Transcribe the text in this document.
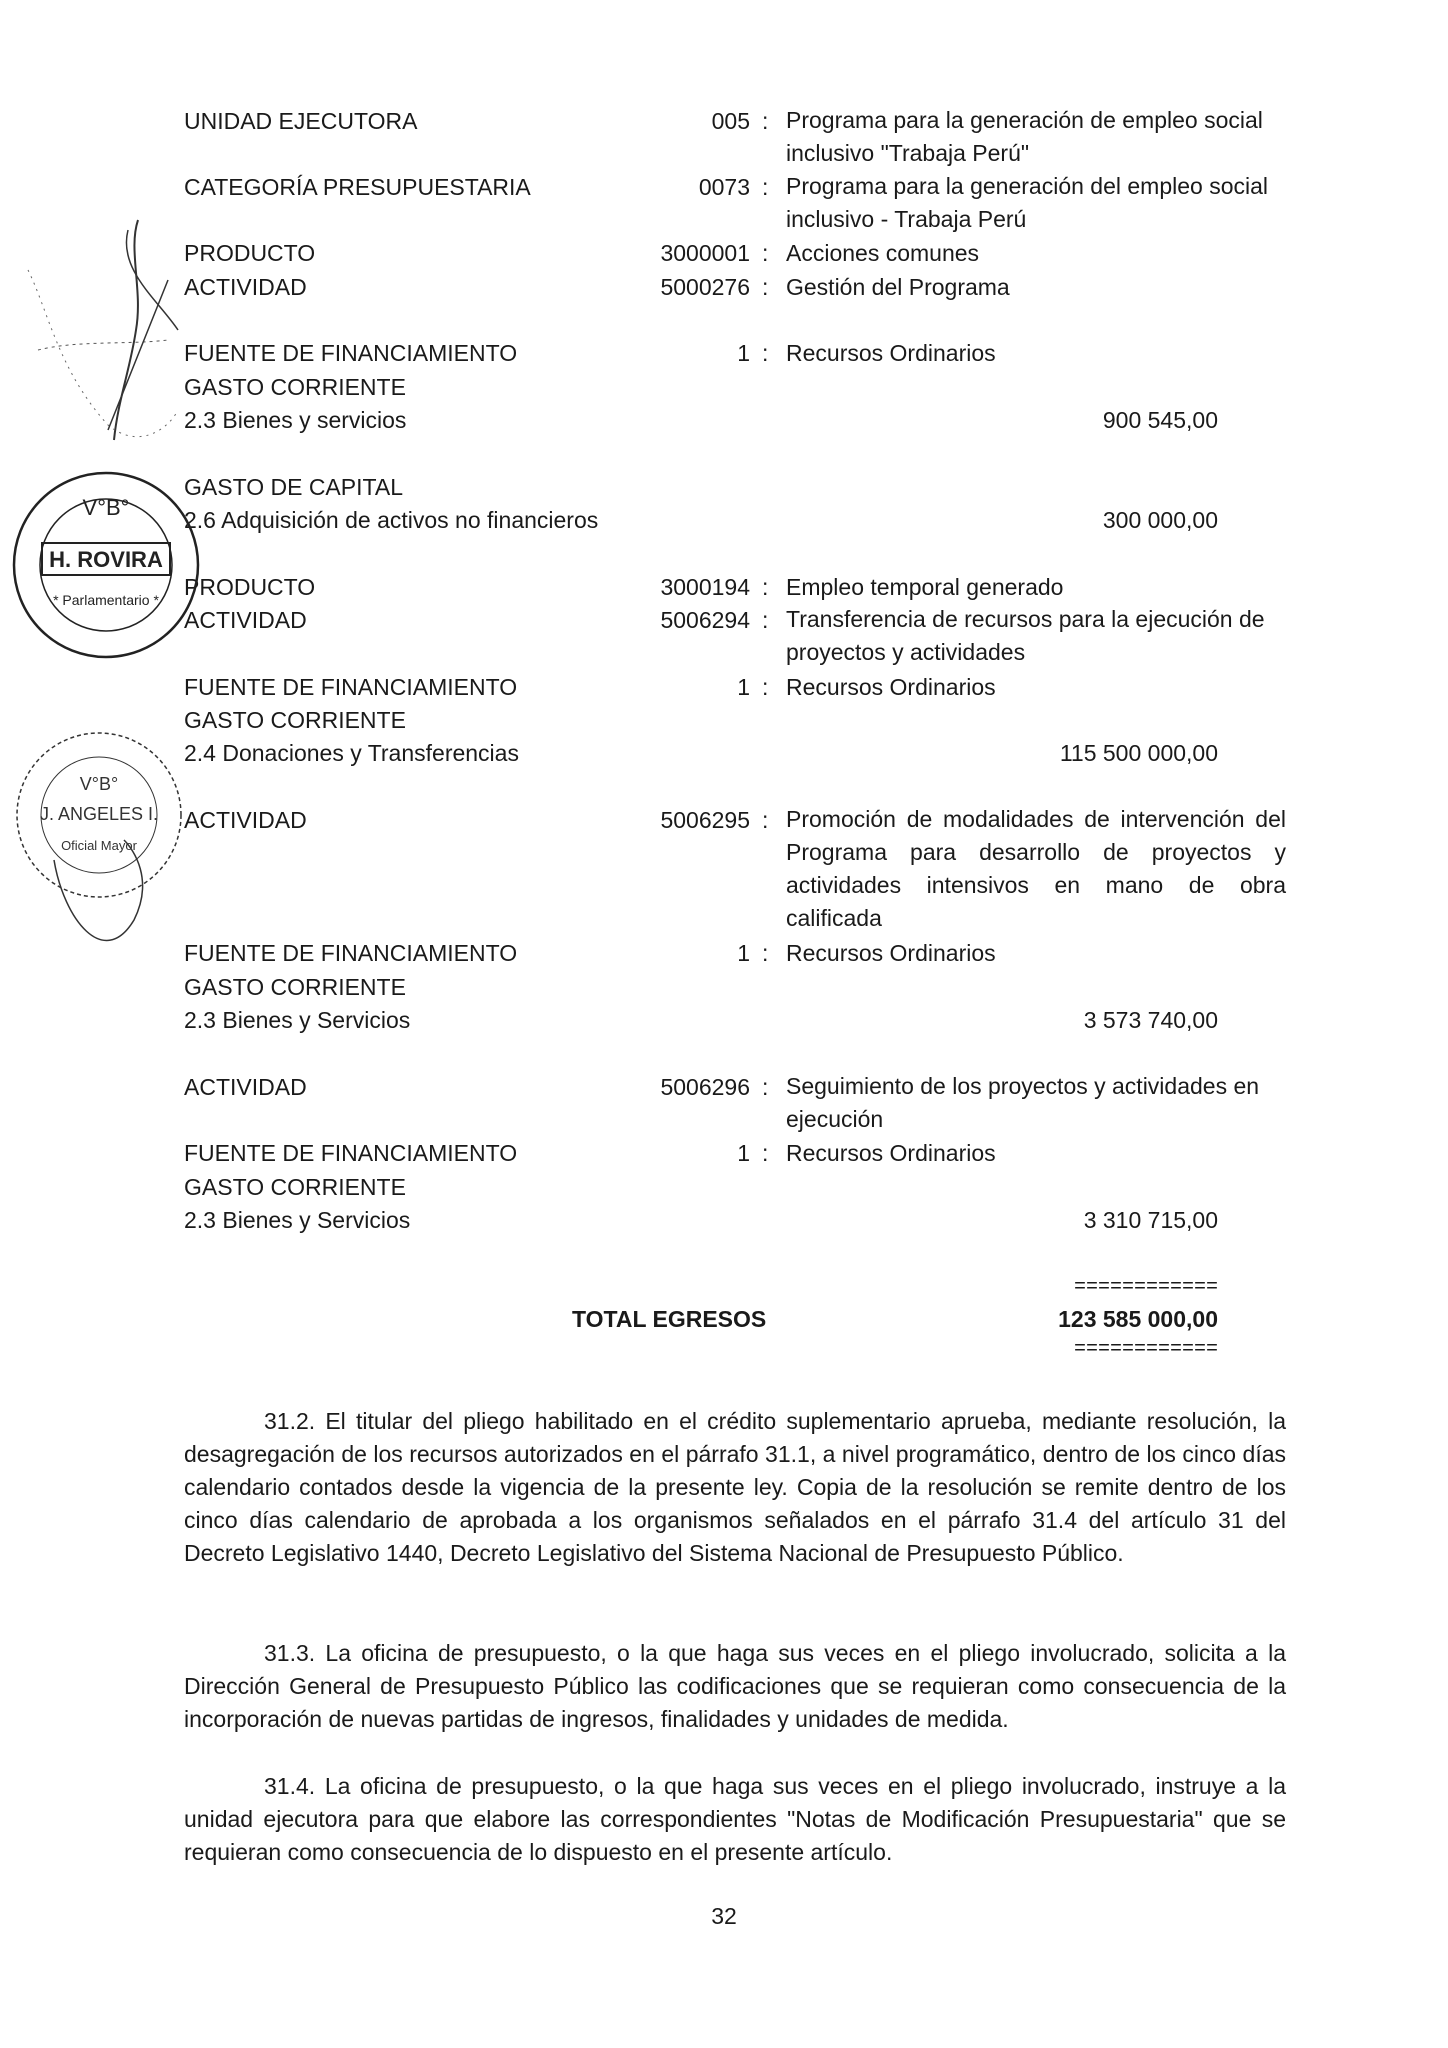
UNIDAD EJECUTORA	005 : Programa para la generación de empleo social inclusivo "Trabaja Perú"
CATEGORÍA PRESUPUESTARIA	0073 : Programa para la generación del empleo social inclusivo - Trabaja Perú
PRODUCTO	3000001 : Acciones comunes
ACTIVIDAD	5000276 : Gestión del Programa
FUENTE DE FINANCIAMIENTO	1 : Recursos Ordinarios
GASTO CORRIENTE
2.3 Bienes y servicios	900 545,00
GASTO DE CAPITAL
2.6 Adquisición de activos no financieros	300 000,00
PRODUCTO	3000194 : Empleo temporal generado
ACTIVIDAD	5006294 : Transferencia de recursos para la ejecución de proyectos y actividades
FUENTE DE FINANCIAMIENTO	1 : Recursos Ordinarios
GASTO CORRIENTE
2.4 Donaciones y Transferencias	115 500 000,00
ACTIVIDAD	5006295 : Promoción de modalidades de intervención del Programa para desarrollo de proyectos y actividades intensivos en mano de obra calificada
FUENTE DE FINANCIAMIENTO	1 : Recursos Ordinarios
GASTO CORRIENTE
2.3 Bienes y Servicios	3 573 740,00
ACTIVIDAD	5006296 : Seguimiento de los proyectos y actividades en ejecución
FUENTE DE FINANCIAMIENTO	1 : Recursos Ordinarios
GASTO CORRIENTE
2.3 Bienes y Servicios	3 310 715,00
============
TOTAL EGRESOS	123 585 000,00
============
31.2. El titular del pliego habilitado en el crédito suplementario aprueba, mediante resolución, la desagregación de los recursos autorizados en el párrafo 31.1, a nivel programático, dentro de los cinco días calendario contados desde la vigencia de la presente ley. Copia de la resolución se remite dentro de los cinco días calendario de aprobada a los organismos señalados en el párrafo 31.4 del artículo 31 del Decreto Legislativo 1440, Decreto Legislativo del Sistema Nacional de Presupuesto Público.
31.3. La oficina de presupuesto, o la que haga sus veces en el pliego involucrado, solicita a la Dirección General de Presupuesto Público las codificaciones que se requieran como consecuencia de la incorporación de nuevas partidas de ingresos, finalidades y unidades de medida.
31.4. La oficina de presupuesto, o la que haga sus veces en el pliego involucrado, instruye a la unidad ejecutora para que elabore las correspondientes "Notas de Modificación Presupuestaria" que se requieran como consecuencia de lo dispuesto en el presente artículo.
32
V°B°
H. ROVIRA
* Parlamentario *
V°B°
J. ANGELES I.
Oficial Mayor
